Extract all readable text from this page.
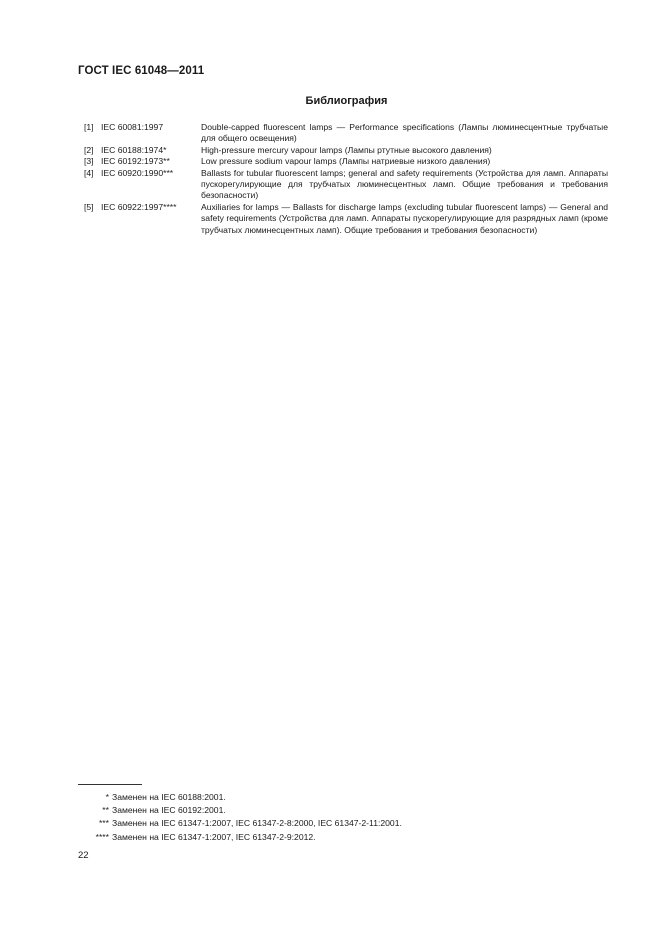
ГОСТ IEC 61048—2011
Библиография
[1] IEC 60081:1997	Double-capped fluorescent lamps — Performance specifications (Лампы люминесцентные трубчатые для общего освещения)
[2] IEC 60188:1974*	High-pressure mercury vapour lamps (Лампы ртутные высокого давления)
[3] IEC 60192:1973**	Low pressure sodium vapour lamps (Лампы натриевые низкого давления)
[4] IEC 60920:1990***	Ballasts for tubular fluorescent lamps; general and safety requirements (Устройства для ламп. Аппараты пускорегулирующие для трубчатых люминесцентных ламп. Общие требования и требования безопасности)
[5] IEC 60922:1997****	Auxiliaries for lamps — Ballasts for discharge lamps (excluding tubular fluorescent lamps) — General and safety requirements (Устройства для ламп. Аппараты пускорегулирующие для разрядных ламп (кроме трубчатых люминесцентных ламп). Общие требования и требования безопасности)
* Заменен на IEC 60188:2001.
** Заменен на IEC 60192:2001.
*** Заменен на IEC 61347-1:2007, IEC 61347-2-8:2000, IEC 61347-2-11:2001.
**** Заменен на IEC 61347-1:2007, IEC 61347-2-9:2012.
22
